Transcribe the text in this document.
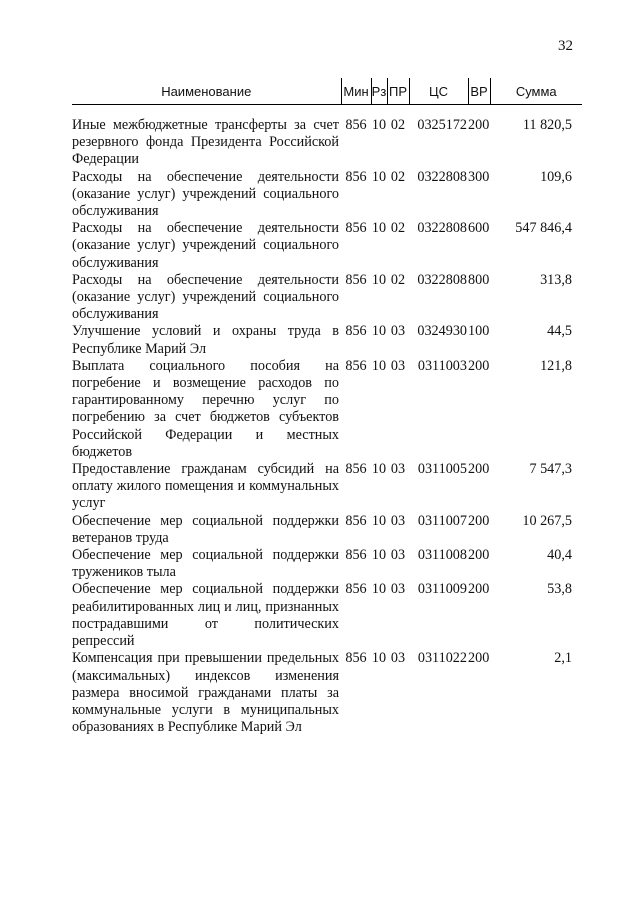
32
Наименование	Мин	Рз	ПР	ЦС	ВР	Сумма

Иные межбюджетные трансферты за счет резервного фонда Президента Российской Федерации	856	10	02	0325172	200	11 820,5
Расходы на обеспечение деятельности (оказание услуг) учреждений социального обслуживания	856	10	02	0322808	300	109,6
Расходы на обеспечение деятельности (оказание услуг) учреждений социального обслуживания	856	10	02	0322808	600	547 846,4
Расходы на обеспечение деятельности (оказание услуг) учреждений социального обслуживания	856	10	02	0322808	800	313,8
Улучшение условий и охраны труда в Республике Марий Эл	856	10	03	0324930	100	44,5
Выплата социального пособия на погребение и возмещение расходов по гарантированному перечню услуг по погребению за счет бюджетов субъектов Российской Федерации и местных бюджетов	856	10	03	0311003	200	121,8
Предоставление гражданам субсидий на оплату жилого помещения и коммунальных услуг	856	10	03	0311005	200	7 547,3
Обеспечение мер социальной поддержки ветеранов труда	856	10	03	0311007	200	10 267,5
Обеспечение мер социальной поддержки тружеников тыла	856	10	03	0311008	200	40,4
Обеспечение мер социальной поддержки реабилитированных лиц и лиц, признанных пострадавшими от политических репрессий	856	10	03	0311009	200	53,8
Компенсация при превышении предельных (максимальных) индексов изменения размера вносимой гражданами платы за коммунальные услуги в муниципальных образованиях в Республике Марий Эл	856	10	03	0311022	200	2,1
